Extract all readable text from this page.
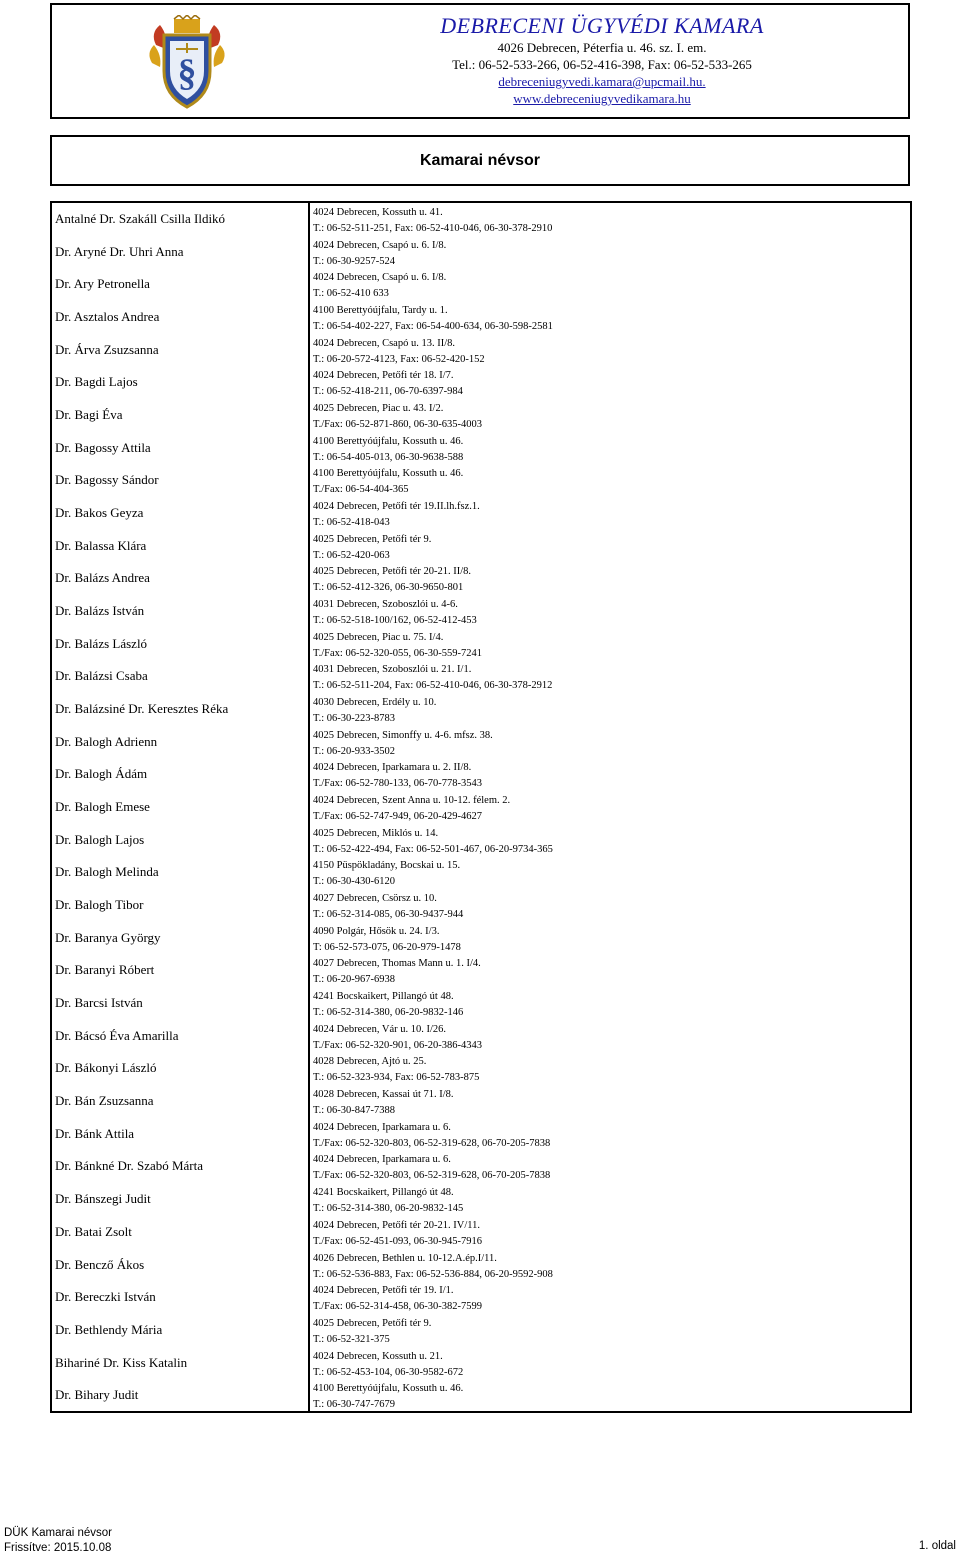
§
DEBRECENI ÜGYVÉDI KAMARA
4026 Debrecen, Péterfia u. 46. sz. I. em.
Tel.: 06-52-533-266, 06-52-416-398, Fax: 06-52-533-265
debreceniugyvedi.kamara@upcmail.hu.
www.debreceniugyvedikamara.hu
Kamarai névsor
Antalné Dr. Szakáll Csilla Ildikó	4024 Debrecen, Kossuth u. 41.
T.: 06-52-511-251, Fax: 06-52-410-046, 06-30-378-2910
Dr. Aryné Dr. Uhri Anna	4024 Debrecen, Csapó u. 6. I/8.
T.: 06-30-9257-524
Dr. Ary Petronella	4024 Debrecen, Csapó u. 6. I/8.
T.: 06-52-410 633
Dr. Asztalos Andrea	4100 Berettyóújfalu, Tardy u. 1.
T.: 06-54-402-227, Fax: 06-54-400-634, 06-30-598-2581
Dr. Árva Zsuzsanna	4024 Debrecen, Csapó u. 13. II/8.
T.: 06-20-572-4123, Fax: 06-52-420-152
Dr. Bagdi Lajos	4024 Debrecen, Petőfi tér 18. I/7.
T.: 06-52-418-211, 06-70-6397-984
Dr. Bagi Éva	4025 Debrecen, Piac u. 43. I/2.
T./Fax: 06-52-871-860, 06-30-635-4003
Dr. Bagossy Attila	4100 Berettyóújfalu, Kossuth u. 46.
T.: 06-54-405-013, 06-30-9638-588
Dr. Bagossy Sándor	4100 Berettyóújfalu, Kossuth u. 46.
T./Fax: 06-54-404-365
Dr. Bakos Geyza	4024 Debrecen, Petőfi tér 19.II.lh.fsz.1.
T.: 06-52-418-043
Dr. Balassa Klára	4025 Debrecen, Petőfi tér 9.
T.: 06-52-420-063
Dr. Balázs Andrea	4025 Debrecen, Petőfi tér 20-21. II/8.
T.: 06-52-412-326, 06-30-9650-801
Dr. Balázs István	4031 Debrecen, Szoboszlói u. 4-6.
T.: 06-52-518-100/162, 06-52-412-453
Dr. Balázs László	4025 Debrecen, Piac u. 75. I/4.
T./Fax: 06-52-320-055, 06-30-559-7241
Dr. Balázsi Csaba	4031 Debrecen, Szoboszlói u. 21. I/1.
T.: 06-52-511-204, Fax: 06-52-410-046, 06-30-378-2912
Dr. Balázsiné Dr. Keresztes Réka	4030 Debrecen, Erdély u. 10.
T.: 06-30-223-8783
Dr. Balogh Adrienn	4025 Debrecen, Simonffy u. 4-6. mfsz. 38.
T.: 06-20-933-3502
Dr. Balogh Ádám	4024 Debrecen, Iparkamara u. 2. II/8.
T./Fax: 06-52-780-133, 06-70-778-3543
Dr. Balogh Emese	4024 Debrecen, Szent Anna u. 10-12. félem. 2.
T./Fax: 06-52-747-949, 06-20-429-4627
Dr. Balogh Lajos	4025 Debrecen, Miklós u. 14.
T.: 06-52-422-494, Fax: 06-52-501-467, 06-20-9734-365
Dr. Balogh Melinda	4150 Püspökladány, Bocskai u. 15.
T.: 06-30-430-6120
Dr. Balogh Tibor	4027 Debrecen, Csörsz u. 10.
T.: 06-52-314-085, 06-30-9437-944
Dr. Baranya György	4090 Polgár, Hősök u. 24. I/3.
T: 06-52-573-075, 06-20-979-1478
Dr. Baranyi Róbert	4027 Debrecen, Thomas Mann u. 1. I/4.
T.: 06-20-967-6938
Dr. Barcsi István	4241 Bocskaikert, Pillangó út 48.
T.: 06-52-314-380, 06-20-9832-146
Dr. Bácsó Éva Amarilla	4024 Debrecen, Vár u. 10. I/26.
T./Fax: 06-52-320-901, 06-20-386-4343
Dr. Bákonyi László	4028 Debrecen, Ajtó u. 25.
T.: 06-52-323-934, Fax: 06-52-783-875
Dr. Bán Zsuzsanna	4028 Debrecen, Kassai út 71. I/8.
T.: 06-30-847-7388
Dr. Bánk Attila	4024 Debrecen, Iparkamara u. 6.
T./Fax: 06-52-320-803, 06-52-319-628, 06-70-205-7838
Dr. Bánkné Dr. Szabó Márta	4024 Debrecen, Iparkamara u. 6.
T./Fax: 06-52-320-803, 06-52-319-628, 06-70-205-7838
Dr. Bánszegi Judit	4241 Bocskaikert, Pillangó út 48.
T.: 06-52-314-380, 06-20-9832-145
Dr. Batai Zsolt	4024 Debrecen, Petőfi tér 20-21. IV/11.
T./Fax: 06-52-451-093, 06-30-945-7916
Dr. Bencző Ákos	4026 Debrecen, Bethlen u. 10-12.A.ép.I/11.
T.: 06-52-536-883, Fax: 06-52-536-884, 06-20-9592-908
Dr. Bereczki István	4024 Debrecen, Petőfi tér 19. I/1.
T./Fax: 06-52-314-458, 06-30-382-7599
Dr. Bethlendy Mária	4025 Debrecen, Petőfi tér 9.
T.: 06-52-321-375
Bihariné Dr. Kiss Katalin	4024 Debrecen, Kossuth u. 21.
T.: 06-52-453-104, 06-30-9582-672
Dr. Bihary Judit	4100 Berettyóújfalu, Kossuth u. 46.
T.: 06-30-747-7679
DÜK Kamarai névsor
Frissítve: 2015.10.08	1. oldal
